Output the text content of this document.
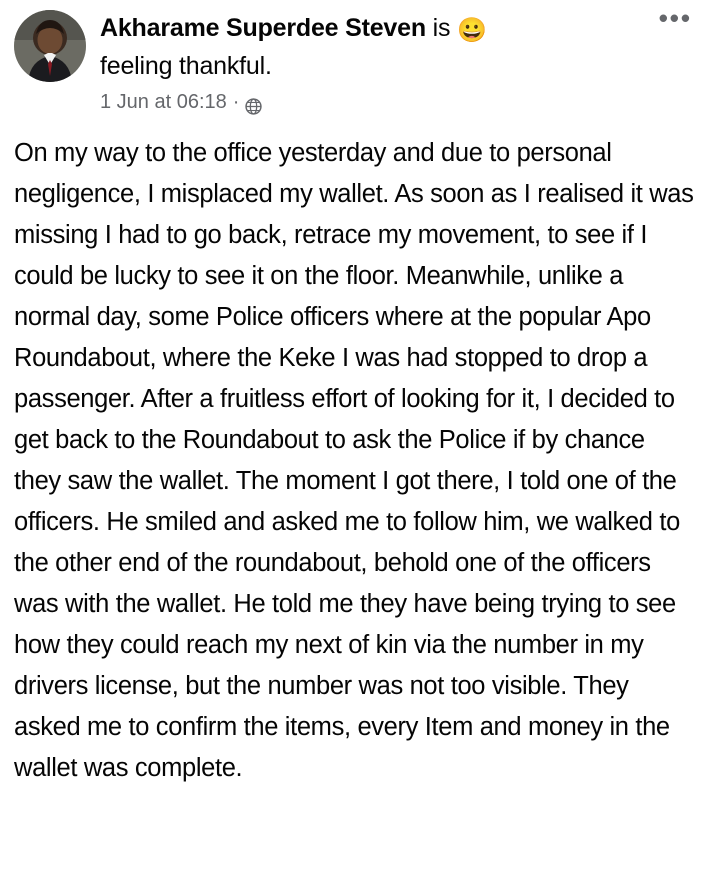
Akharame Superdee Steven is 😀
feeling thankful.
1 Jun at 06:18 ·
•••
On my way to the office yesterday and due to personal negligence, I misplaced my wallet. As soon as I realised it was missing I had to go back, retrace my movement, to see if I could be lucky to see it on the floor. Meanwhile, unlike a normal day, some Police officers where at the popular Apo Roundabout, where the Keke I was had stopped to drop a passenger. After a fruitless effort of looking for it, I decided to get back to the Roundabout to ask the Police if by chance they saw the wallet. The moment I got there, I told one of the officers. He smiled and asked me to follow him, we walked to the other end of the roundabout, behold one of the officers was with the wallet. He told me they have being trying to see how they could reach my next of kin via the number in my drivers license, but the number was not too visible. They asked me to confirm the items, every Item and money in the wallet was complete.
